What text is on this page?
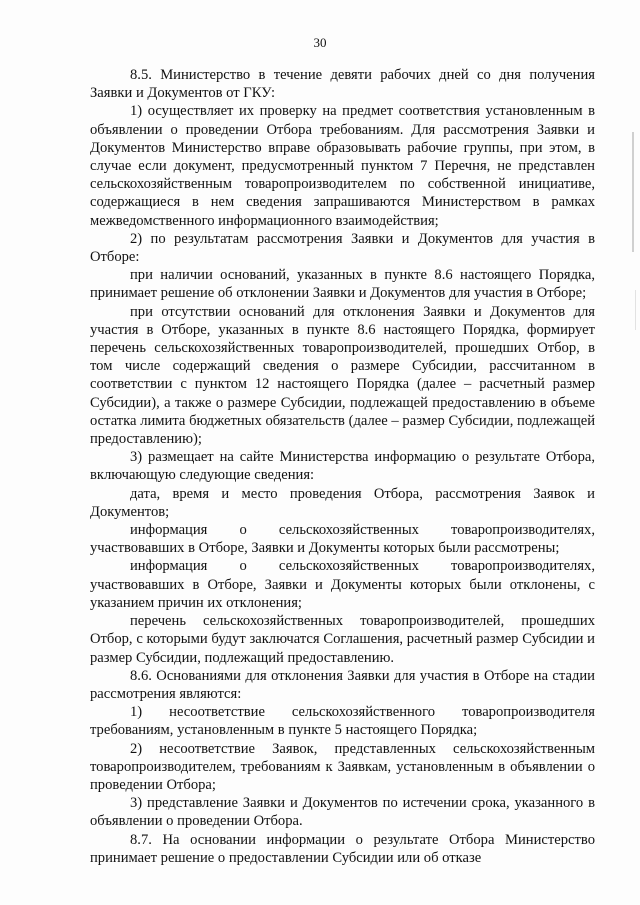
30

8.5. Министерство в течение девяти рабочих дней со дня получения Заявки и Документов от ГКУ:

1) осуществляет их проверку на предмет соответствия установленным в объявлении о проведении Отбора требованиям. Для рассмотрения Заявки и Документов Министерство вправе образовывать рабочие группы, при этом, в случае если документ, предусмотренный пунктом 7 Перечня, не представлен сельскохозяйственным товаропроизводителем по собственной инициативе, содержащиеся в нем сведения запрашиваются Министерством в рамках межведомственного информационного взаимодействия;

2) по результатам рассмотрения Заявки и Документов для участия в Отборе:

при наличии оснований, указанных в пункте 8.6 настоящего Порядка, принимает решение об отклонении Заявки и Документов для участия в Отборе;

при отсутствии оснований для отклонения Заявки и Документов для участия в Отборе, указанных в пункте 8.6 настоящего Порядка, формирует перечень сельскохозяйственных товаропроизводителей, прошедших Отбор, в том числе содержащий сведения о размере Субсидии, рассчитанном в соответствии с пунктом 12 настоящего Порядка (далее – расчетный размер Субсидии), а также о размере Субсидии, подлежащей предоставлению в объеме остатка лимита бюджетных обязательств (далее – размер Субсидии, подлежащей предоставлению);

3) размещает на сайте Министерства информацию о результате Отбора, включающую следующие сведения:

дата, время и место проведения Отбора, рассмотрения Заявок и Документов;

информация о сельскохозяйственных товаропроизводителях, участвовавших в Отборе, Заявки и Документы которых были рассмотрены;

информация о сельскохозяйственных товаропроизводителях, участвовавших в Отборе, Заявки и Документы которых были отклонены, с указанием причин их отклонения;

перечень сельскохозяйственных товаропроизводителей, прошедших Отбор, с которыми будут заключатся Соглашения, расчетный размер Субсидии и размер Субсидии, подлежащий предоставлению.

8.6. Основаниями для отклонения Заявки для участия в Отборе на стадии рассмотрения являются:

1) несоответствие сельскохозяйственного товаропроизводителя требованиям, установленным в пункте 5 настоящего Порядка;

2) несоответствие Заявок, представленных сельскохозяйственным товаропроизводителем, требованиям к Заявкам, установленным в объявлении о проведении Отбора;

3) представление Заявки и Документов по истечении срока, указанного в объявлении о проведении Отбора.

8.7. На основании информации о результате Отбора Министерство принимает решение о предоставлении Субсидии или об отказе
